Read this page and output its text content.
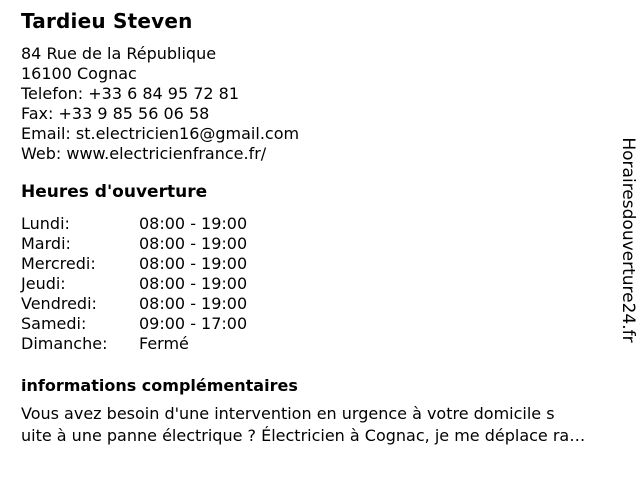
Tardieu Steven
84 Rue de la République
16100 Cognac
Telefon: +33 6 84 95 72 81
Fax: +33 9 85 56 06 58
Email: st.electricien16@gmail.com
Web: www.electricienfrance.fr/
Heures d'ouverture
Lundi:	08:00 - 19:00
Mardi:	08:00 - 19:00
Mercredi:	08:00 - 19:00
Jeudi:	08:00 - 19:00
Vendredi:	08:00 - 19:00
Samedi:	09:00 - 17:00
Dimanche:	Fermé
informations complémentaires
Vous avez besoin d'une intervention en urgence à votre domicile s
uite à une panne électrique ? Électricien à Cognac, je me déplace ra…
Horairesdouverture24.fr
